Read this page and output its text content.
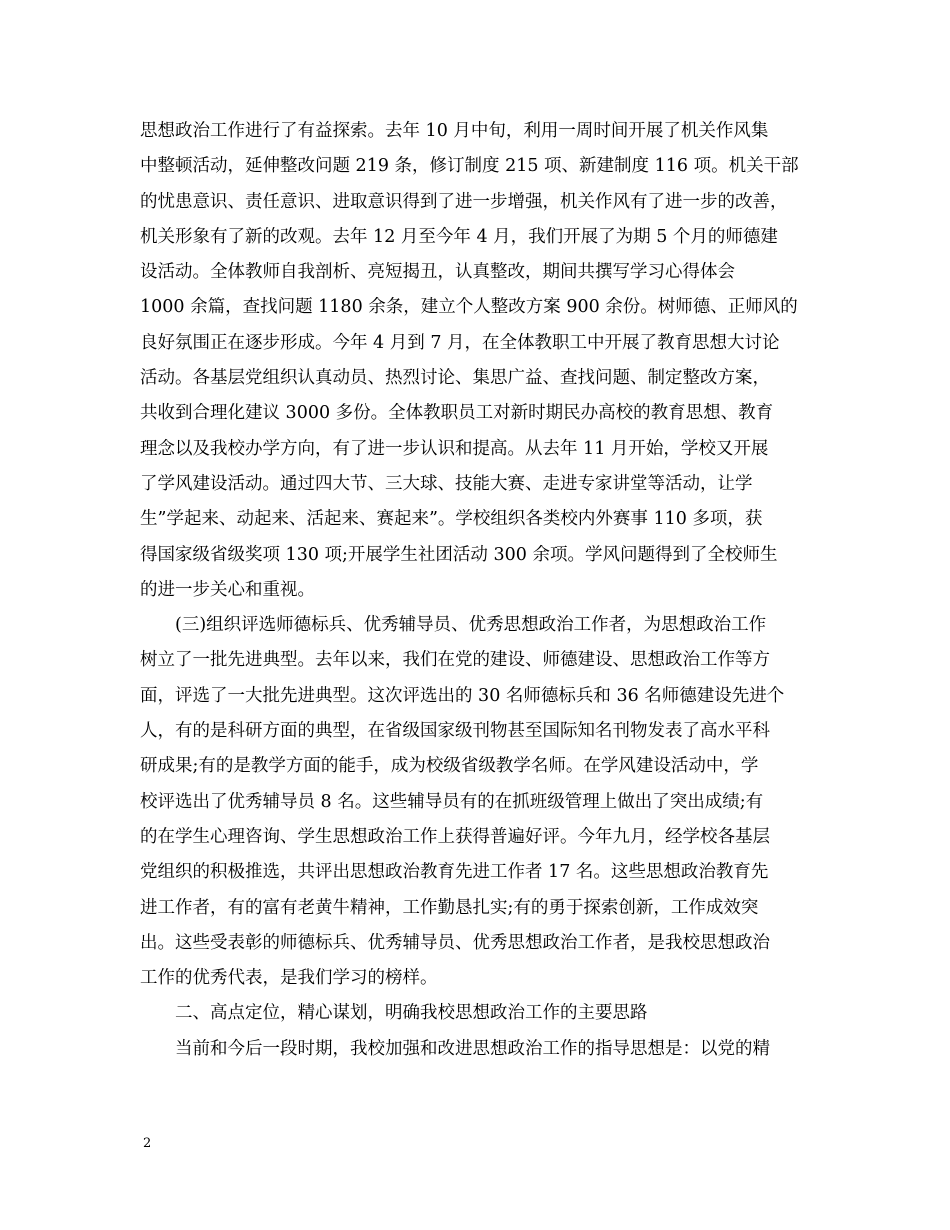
思想政治工作进行了有益探索。去年 10 月中旬，利用一周时间开展了机关作风集
中整顿活动，延伸整改问题 219 条，修订制度 215 项、新建制度 116 项。机关干部
的忧患意识、责任意识、进取意识得到了进一步增强，机关作风有了进一步的改善，
机关形象有了新的改观。去年 12 月至今年 4 月，我们开展了为期 5 个月的师德建
设活动。全体教师自我剖析、亮短揭丑，认真整改，期间共撰写学习心得体会
1000 余篇，查找问题 1180 余条，建立个人整改方案 900 余份。树师德、正师风的
良好氛围正在逐步形成。今年 4 月到 7 月，在全体教职工中开展了教育思想大讨论
活动。各基层党组织认真动员、热烈讨论、集思广益、查找问题、制定整改方案，
共收到合理化建议 3000 多份。全体教职员工对新时期民办高校的教育思想、教育
理念以及我校办学方向，有了进一步认识和提高。从去年 11 月开始，学校又开展
了学风建设活动。通过四大节、三大球、技能大赛、走进专家讲堂等活动，让学
生”学起来、动起来、活起来、赛起来”。学校组织各类校内外赛事 110 多项，获
得国家级省级奖项 130 项;开展学生社团活动 300 余项。学风问题得到了全校师生
的进一步关心和重视。
(三)组织评选师德标兵、优秀辅导员、优秀思想政治工作者，为思想政治工作
树立了一批先进典型。去年以来，我们在党的建设、师德建设、思想政治工作等方
面，评选了一大批先进典型。这次评选出的 30 名师德标兵和 36 名师德建设先进个
人，有的是科研方面的典型，在省级国家级刊物甚至国际知名刊物发表了高水平科
研成果;有的是教学方面的能手，成为校级省级教学名师。在学风建设活动中，学
校评选出了优秀辅导员 8 名。这些辅导员有的在抓班级管理上做出了突出成绩;有
的在学生心理咨询、学生思想政治工作上获得普遍好评。今年九月，经学校各基层
党组织的积极推选，共评出思想政治教育先进工作者 17 名。这些思想政治教育先
进工作者，有的富有老黄牛精神，工作勤恳扎实;有的勇于探索创新，工作成效突
出。这些受表彰的师德标兵、优秀辅导员、优秀思想政治工作者，是我校思想政治
工作的优秀代表，是我们学习的榜样。
二、高点定位，精心谋划，明确我校思想政治工作的主要思路
当前和今后一段时期，我校加强和改进思想政治工作的指导思想是：以党的精
2
